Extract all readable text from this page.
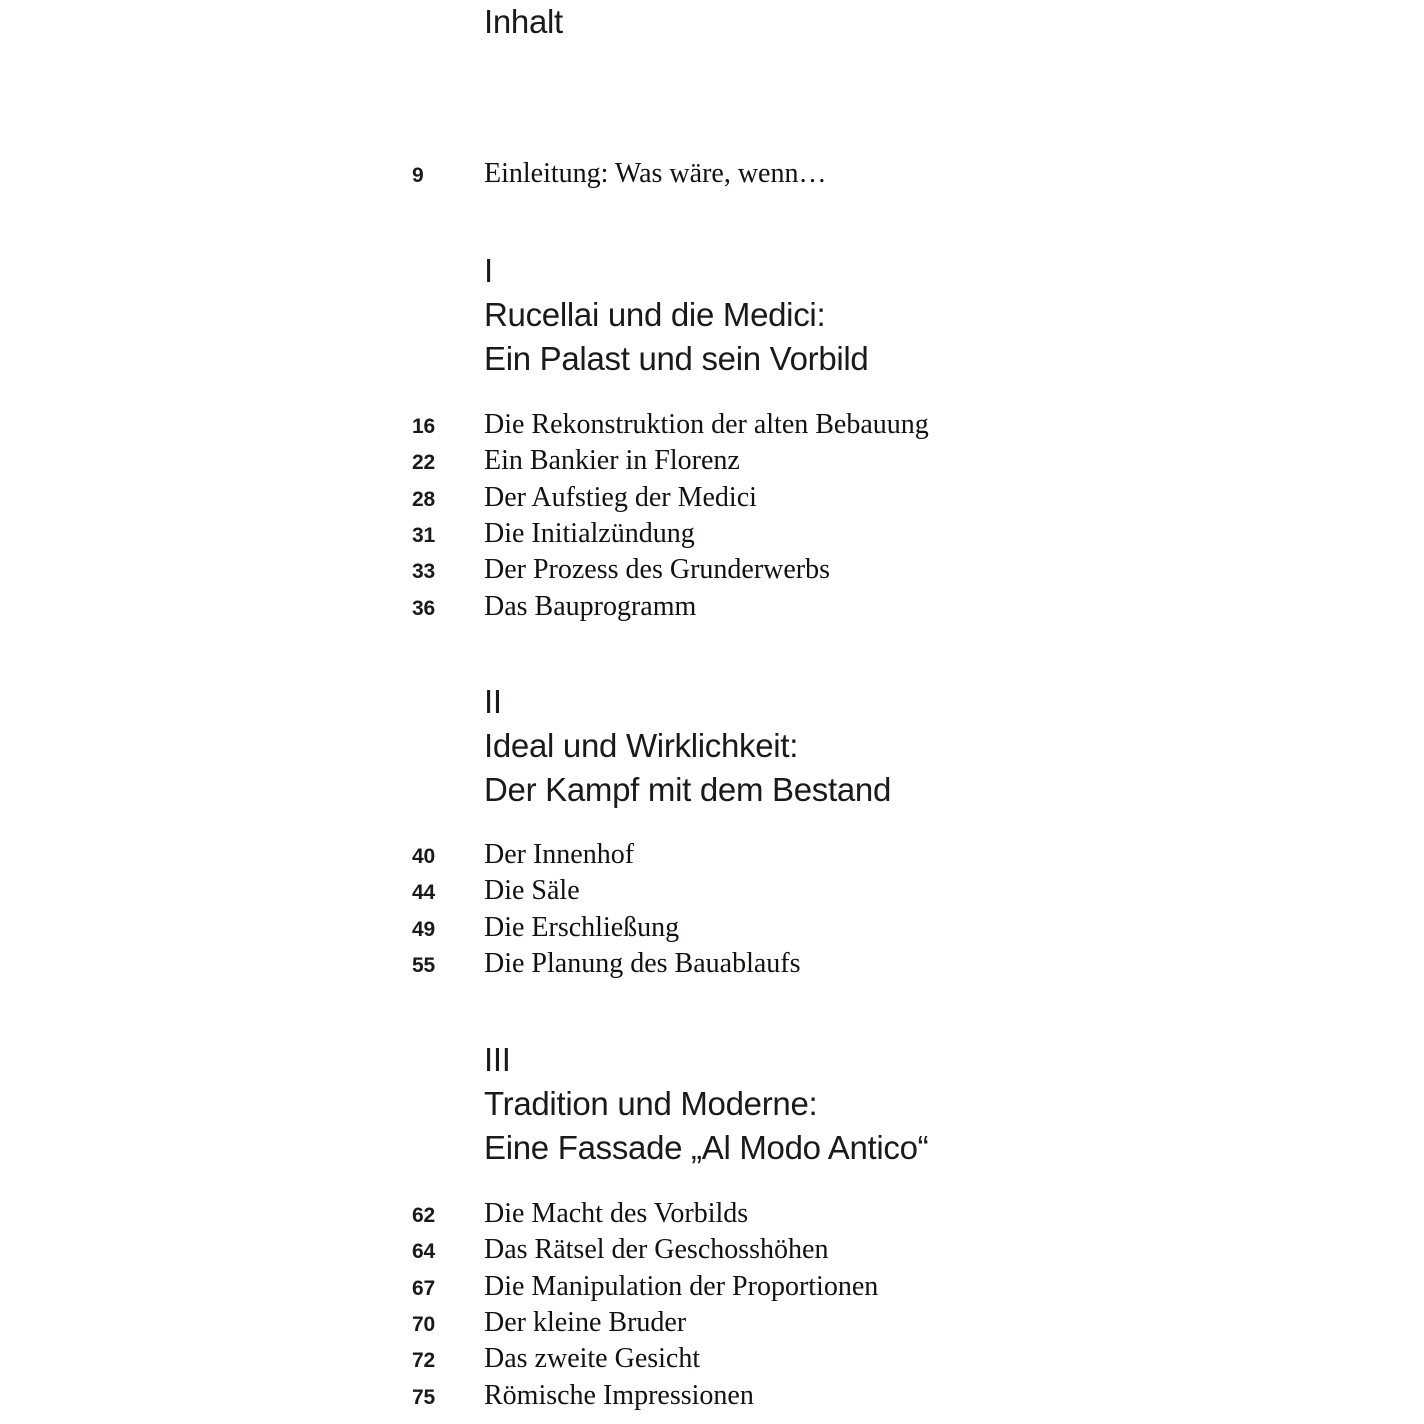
Inhalt
9 Einleitung: Was wäre, wenn…
I
Rucellai und die Medici:
Ein Palast und sein Vorbild
16 Die Rekonstruktion der alten Bebauung
22 Ein Bankier in Florenz
28 Der Aufstieg der Medici
31 Die Initialzündung
33 Der Prozess des Grunderwerbs
36 Das Bauprogramm
II
Ideal und Wirklichkeit:
Der Kampf mit dem Bestand
40 Der Innenhof
44 Die Säle
49 Die Erschließung
55 Die Planung des Bauablaufs
III
Tradition und Moderne:
Eine Fassade „Al Modo Antico“
62 Die Macht des Vorbilds
64 Das Rätsel der Geschosshöhen
67 Die Manipulation der Proportionen
70 Der kleine Bruder
72 Das zweite Gesicht
75 Römische Impressionen
